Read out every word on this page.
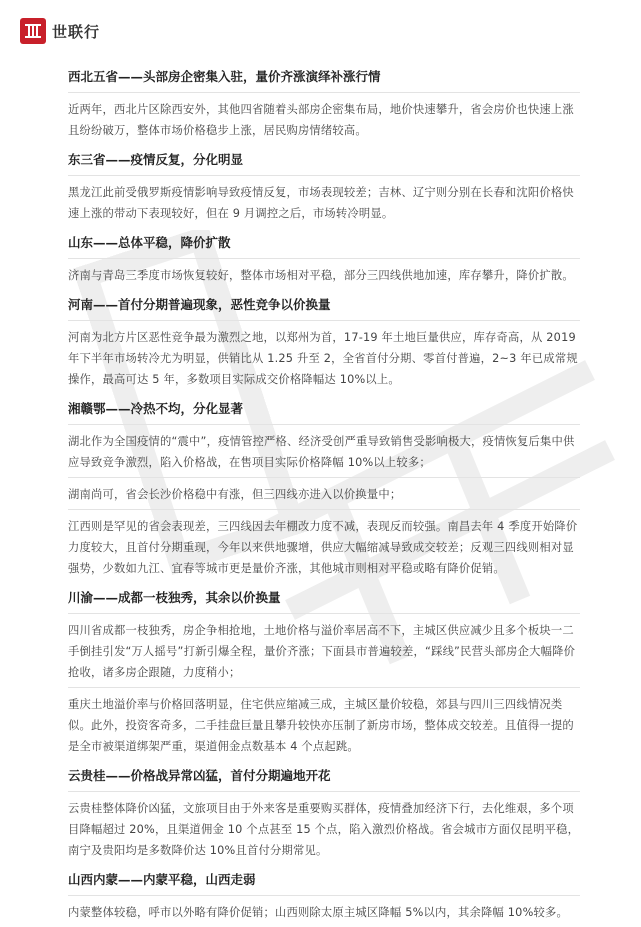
世联行

西北五省——头部房企密集入驻，量价齐涨演绎补涨行情

近两年，西北片区除西安外，其他四省随着头部房企密集布局，地价快速攀升，省会房价也快速上涨且纷纷破万，整体市场价格稳步上涨，居民购房情绪较高。

东三省——疫情反复，分化明显

黑龙江此前受俄罗斯疫情影响导致疫情反复，市场表现较差；吉林、辽宁则分别在长春和沈阳价格快速上涨的带动下表现较好，但在 9 月调控之后，市场转冷明显。

山东——总体平稳，降价扩散

济南与青岛三季度市场恢复较好，整体市场相对平稳，部分三四线供地加速，库存攀升，降价扩散。

河南——首付分期普遍现象，恶性竞争以价换量

河南为北方片区恶性竞争最为激烈之地，以郑州为首，17-19 年土地巨量供应，库存奇高，从 2019 年下半年市场转冷尤为明显，供销比从 1.25 升至 2，全省首付分期、零首付普遍，2~3 年已成常规操作，最高可达 5 年，多数项目实际成交价格降幅达 10%以上。

湘赣鄂——冷热不均，分化显著

湖北作为全国疫情的“震中”，疫情管控严格、经济受创严重导致销售受影响极大，疫情恢复后集中供应导致竞争激烈，陷入价格战，在售项目实际价格降幅 10%以上较多；

湖南尚可，省会长沙价格稳中有涨，但三四线亦进入以价换量中；

江西则是罕见的省会表现差，三四线因去年棚改力度不减，表现反而较强。南昌去年 4 季度开始降价力度较大，且首付分期重现，今年以来供地骤增，供应大幅缩减导致成交较差；反观三四线则相对显强势，少数如九江、宜春等城市更是量价齐涨，其他城市则相对平稳或略有降价促销。

川渝——成都一枝独秀，其余以价换量

四川省成都一枝独秀，房企争相抢地，土地价格与溢价率居高不下，主城区供应减少且多个板块一二手倒挂引发“万人摇号”打新引爆全程，量价齐涨；下面县市普遍较差，“踩线”民营头部房企大幅降价抢收，诸多房企跟随，力度稍小；

重庆土地溢价率与价格回落明显，住宅供应缩减三成，主城区量价较稳，郊县与四川三四线情况类似。此外，投资客奇多，二手挂盘巨量且攀升较快亦压制了新房市场，整体成交较差。且值得一提的是全市被渠道绑架严重，渠道佣金点数基本 4 个点起跳。

云贵桂——价格战异常凶猛，首付分期遍地开花

云贵桂整体降价凶猛，文旅项目由于外来客是重要购买群体，疫情叠加经济下行，去化维艰，多个项目降幅超过 20%，且渠道佣金 10 个点甚至 15 个点，陷入激烈价格战。省会城市方面仅昆明平稳，南宁及贵阳均是多数降价达 10%且首付分期常见。

山西内蒙——内蒙平稳，山西走弱

内蒙整体较稳，呼市以外略有降价促销；山西则除太原主城区降幅 5%以内，其余降幅 10%较多。
